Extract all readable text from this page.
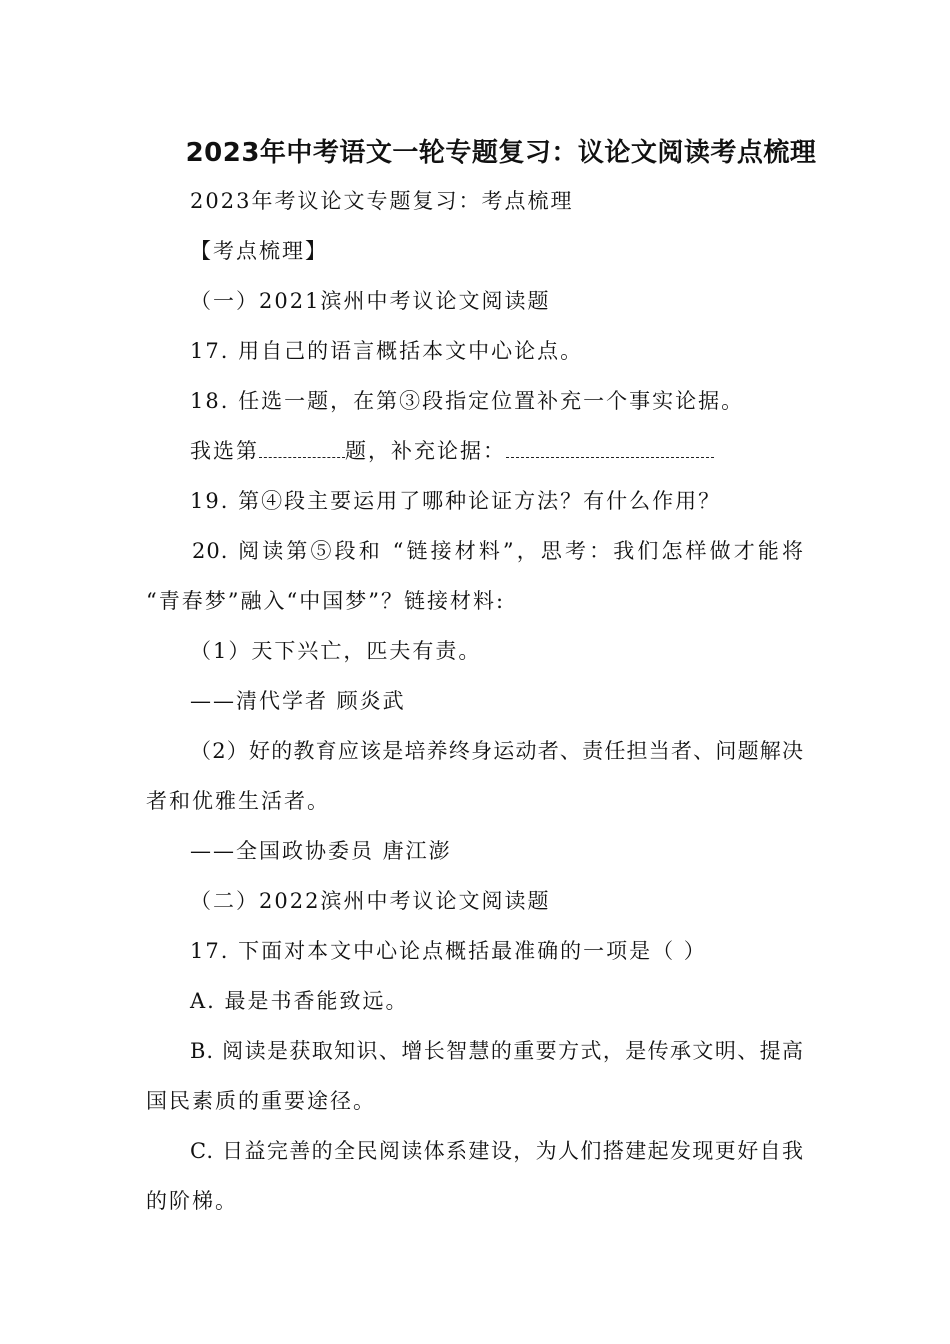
2023年中考语文一轮专题复习：议论文阅读考点梳理
2023年考议论文专题复习：考点梳理
【考点梳理】
（一）2021滨州中考议论文阅读题
17. 用自己的语言概括本文中心论点。
18. 任选一题，在第③段指定位置补充一个事实论据。
我选第	题，补充论据：
19. 第④段主要运用了哪种论证方法？有什么作用？
20. 阅读第⑤段和 “链接材料”，思考：我们怎样做才能将
“青春梦”融入“中国梦”？链接材料:
（1）天下兴亡，匹夫有责。
——清代学者 顾炎武
（2）好的教育应该是培养终身运动者、责任担当者、问题解决
者和优雅生活者。
——全国政协委员 唐江澎
（二）2022滨州中考议论文阅读题
17. 下面对本文中心论点概括最准确的一项是（ ）
A. 最是书香能致远。
B. 阅读是获取知识、增长智慧的重要方式，是传承文明、提高
国民素质的重要途径。
C. 日益完善的全民阅读体系建设，为人们搭建起发现更好自我
的阶梯。
